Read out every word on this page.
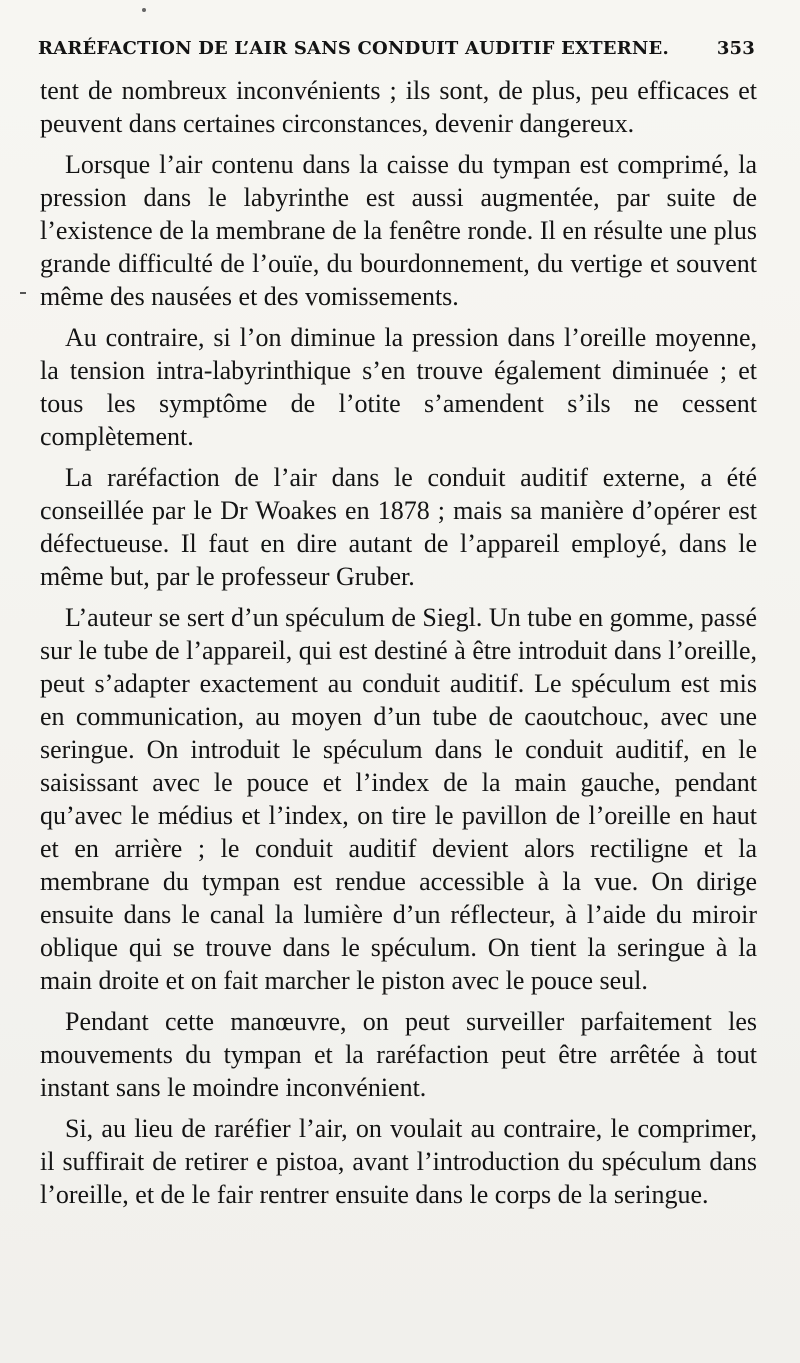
RARÉFACTION DE L’AIR SANS CONDUIT AUDITIF EXTERNE.	353

tent de nombreux inconvénients ; ils sont, de plus, peu efficaces et peuvent dans certaines circonstances, devenir dangereux.

Lorsque l’air contenu dans la caisse du tympan est comprimé, la pression dans le labyrinthe est aussi augmentée, par suite de l’existence de la membrane de la fenêtre ronde. Il en résulte une plus grande difficulté de l’ouïe, du bourdonnement, du vertige et souvent même des nausées et des vomissements.

Au contraire, si l’on diminue la pression dans l’oreille moyenne, la tension intra-labyrinthique s’en trouve également diminuée ; et tous les symptôme de l’otite s’amendent s’ils ne cessent complètement.

La raréfaction de l’air dans le conduit auditif externe, a été conseillée par le Dr Woakes en 1878 ; mais sa manière d’opérer est défectueuse. Il faut en dire autant de l’appareil employé, dans le même but, par le professeur Gruber.

L’auteur se sert d’un spéculum de Siegl. Un tube en gomme, passé sur le tube de l’appareil, qui est destiné à être introduit dans l’oreille, peut s’adapter exactement au conduit auditif. Le spéculum est mis en communication, au moyen d’un tube de caoutchouc, avec une seringue. On introduit le spéculum dans le conduit auditif, en le saisissant avec le pouce et l’index de la main gauche, pendant qu’avec le médius et l’index, on tire le pavillon de l’oreille en haut et en arrière ; le conduit auditif devient alors rectiligne et la membrane du tympan est rendue accessible à la vue. On dirige ensuite dans le canal la lumière d’un réflecteur, à l’aide du miroir oblique qui se trouve dans le spéculum. On tient la seringue à la main droite et on fait marcher le piston avec le pouce seul.

Pendant cette manœuvre, on peut surveiller parfaitement les mouvements du tympan et la raréfaction peut être arrêtée à tout instant sans le moindre inconvénient.

Si, au lieu de raréfier l’air, on voulait au contraire, le comprimer, il suffirait de retirer e pistoa, avant l’introduction du spéculum dans l’oreille, et de le fair rentrer ensuite dans le corps de la seringue.
